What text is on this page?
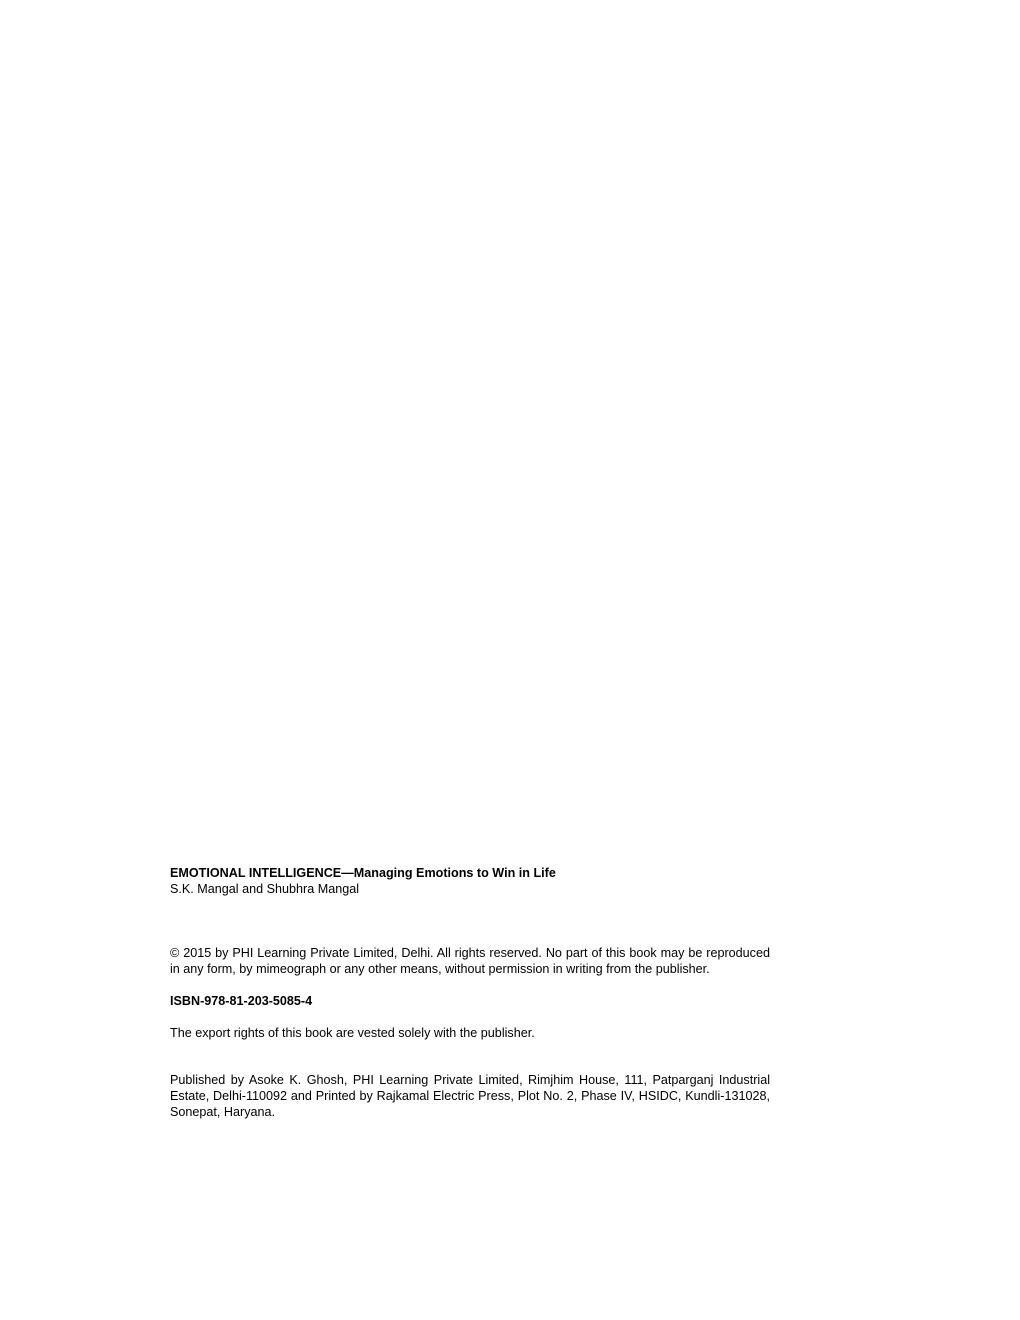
EMOTIONAL INTELLIGENCE—Managing Emotions to Win in Life

S.K. Mangal and Shubhra Mangal

© 2015 by PHI Learning Private Limited, Delhi. All rights reserved. No part of this book may be reproduced in any form, by mimeograph or any other means, without permission in writing from the publisher.

ISBN-978-81-203-5085-4

The export rights of this book are vested solely with the publisher.

Published by Asoke K. Ghosh, PHI Learning Private Limited, Rimjhim House, 111, Patparganj Industrial Estate, Delhi-110092 and Printed by Rajkamal Electric Press, Plot No. 2, Phase IV, HSIDC, Kundli-131028, Sonepat, Haryana.
